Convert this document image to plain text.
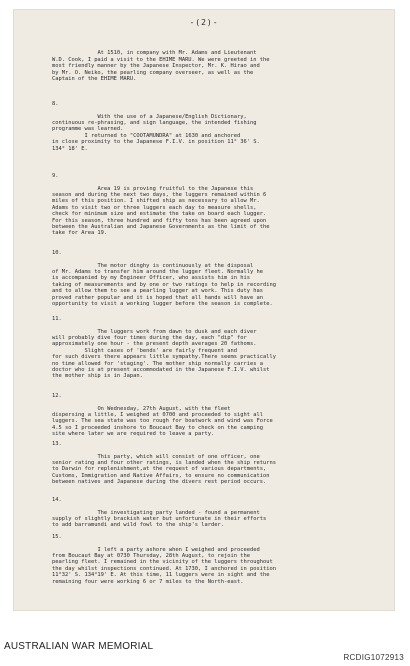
-(2)-

At 1510, in company with Mr. Adams and Lieutenant
W.D. Cook, I paid a visit to the EHIME MARU. We were greeted in the
most friendly manner by the Japanese Inspector, Mr. K. Hirao and
by Mr. O. Neiko, the pearling company overseer, as well as the
Captain of the EHIME MARU.

8.

With the use of a Japanese/English Dictionary,
continuous re-phrasing, and sign language, the intended fishing
programme was learned.
I returned to "COOTAMUNDRA" at 1630 and anchored
in close proximity to the Japanese F.I.V. in position 11° 36' S.
134° 18' E.

9.

Area 19 is proving fruitful to the Japanese this
season and during the next two days, the luggers remained within 6
miles of this position. I shifted ship as necessary to allow Mr.
Adams to visit two or three luggers each day to measure shells,
check for minimum size and estimate the take on board each lugger.
For this season, three hundred and fifty tons has been agreed upon
between the Australian and Japanese Governments as the limit of the
take for Area 19.

10.

The motor dinghy is continuously at the disposal
of Mr. Adams to transfer him around the lugger fleet. Normally he
is accompanied by my Engineer Officer, who assists him in his
taking of measurements and by one or two ratings to help in recording
and to allow them to see a pearling lugger at work. This duty has
proved rather popular and it is hoped that all hands will have an
opportunity to visit a working lugger before the season is complete.

11.

The luggers work from dawn to dusk and each diver
will probably dive four times during the day, each "dip" for
approximately one hour - the present depth averages 20 fathoms.
Slight cases of 'bends' are fairly frequent and
for such divers there appears little sympathy.There seems practically
no time allowed for 'staging'. The mother ship normally carries a
doctor who is at present accommodated in the Japanese F.I.V. whilst
the mother ship is in Japan.

12.

On Wednesday, 27th August, with the fleet
dispersing a little, I weighed at 0700 and proceeded to sight all
luggers. The sea state was too rough for boatwork and wind was Force
4.5 so I proceeded inshore to Boucaut Bay to check on the camping
site where later we are required to leave a party.

13.

This party, which will consist of one officer, one
senior rating and four other ratings, is landed when the ship returns
to Darwin for replenishment,at the request of various departments,
Customs, Immigration and Native Affairs, to ensure no communication
between natives and Japanese during the divers rest period occurs.

14.

The investigating party landed - found a permanent
supply of slightly brackish water but unfortunate in their efforts
to add barramundi and wild fowl to the ship's larder.

15.

I left a party ashore when I weighed and proceeded
from Boucaut Bay at 0730 Thursday, 28th August, to rejoin the
pearling fleet. I remained in the vicinity of the luggers throughout
the day whilst inspections continued. At 1730, I anchored in position
11°32' S. 134°19' E. At this time, 11 luggers were in sight and the
remaining four were working 6 or 7 miles to the North-east.

AUSTRALIAN WAR MEMORIAL
RCDIG1072913
